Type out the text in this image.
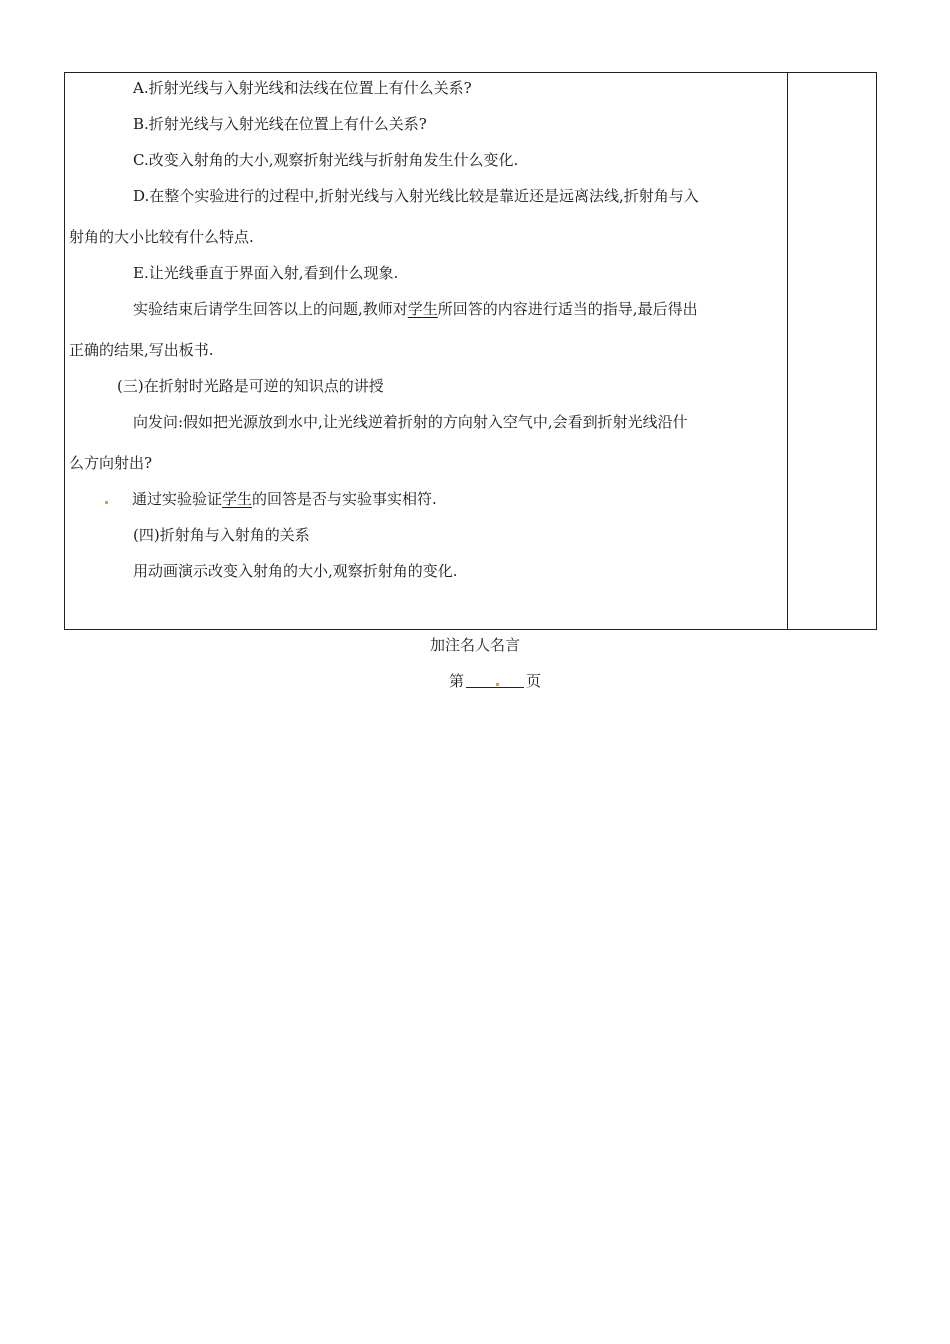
A.折射光线与入射光线和法线在位置上有什么关系?
B.折射光线与入射光线在位置上有什么关系?
C.改变入射角的大小,观察折射光线与折射角发生什么变化.
D.在整个实验进行的过程中,折射光线与入射光线比较是靠近还是远离法线,折射角与入
射角的大小比较有什么特点.
E.让光线垂直于界面入射,看到什么现象.
实验结束后请学生回答以上的问题,教师对学生所回答的内容进行适当的指导,最后得出
正确的结果,写出板书.
(三)在折射时光路是可逆的知识点的讲授
向发问:假如把光源放到水中,让光线逆着折射的方向射入空气中,会看到折射光线沿什
么方向射出?
通过实验验证学生的回答是否与实验事实相符.
(四)折射角与入射角的关系
用动画演示改变入射角的大小,观察折射角的变化.
加注名人名言
第	页
